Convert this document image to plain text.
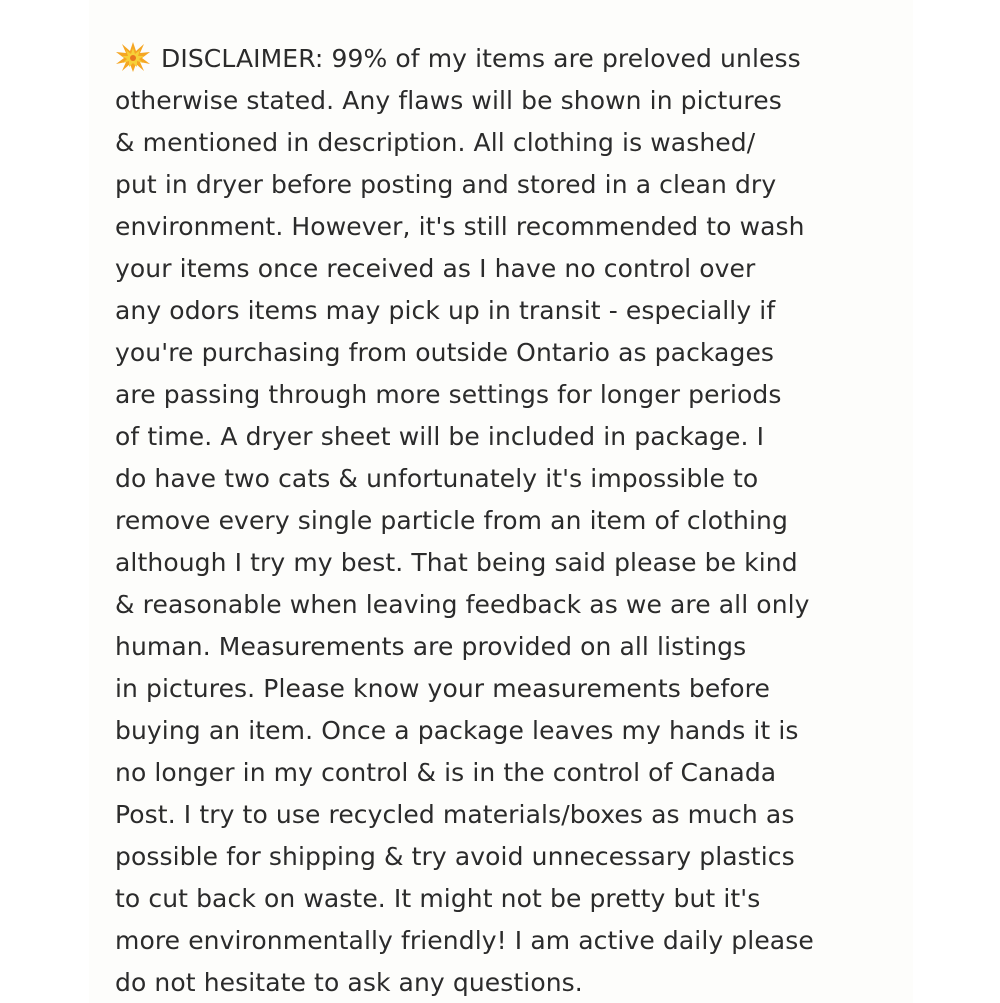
DISCLAIMER: 99% of my items are preloved unless
otherwise stated. Any flaws will be shown in pictures
& mentioned in description. All clothing is washed/
put in dryer before posting and stored in a clean dry
environment. However, it's still recommended to wash
your items once received as I have no control over
any odors items may pick up in transit - especially if
you're purchasing from outside Ontario as packages
are passing through more settings for longer periods
of time. A dryer sheet will be included in package. I
do have two cats & unfortunately it's impossible to
remove every single particle from an item of clothing
although I try my best. That being said please be kind
& reasonable when leaving feedback as we are all only
human. Measurements are provided on all listings
in pictures. Please know your measurements before
buying an item. Once a package leaves my hands it is
no longer in my control & is in the control of Canada
Post. I try to use recycled materials/boxes as much as
possible for shipping & try avoid unnecessary plastics
to cut back on waste. It might not be pretty but it's
more environmentally friendly! I am active daily please
do not hesitate to ask any questions.
